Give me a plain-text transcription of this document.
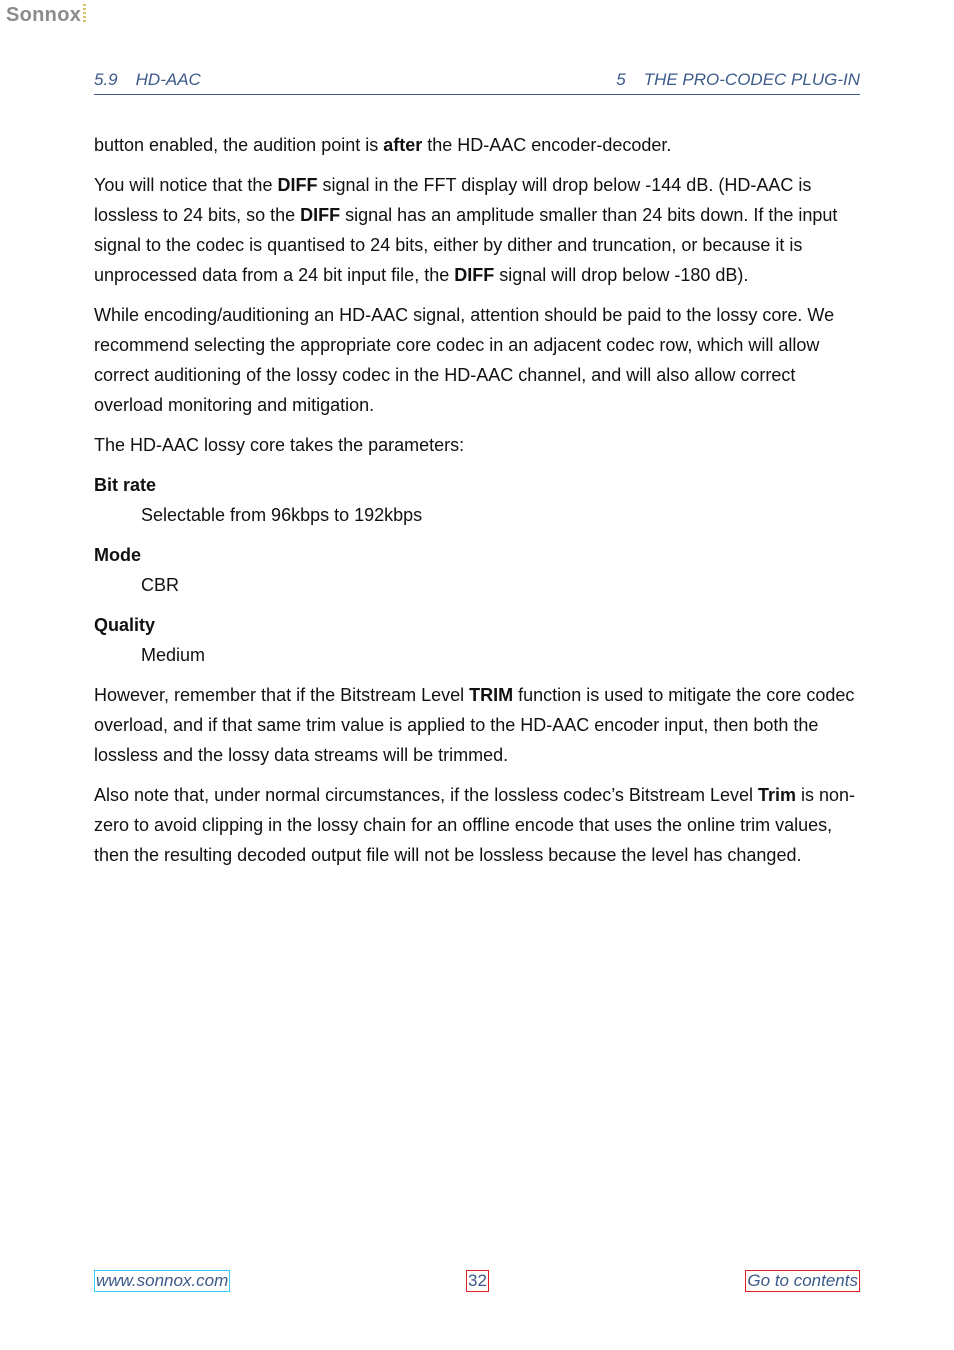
Sonnox
5.9 HD-AAC	5 THE PRO-CODEC PLUG-IN

button enabled, the audition point is after the HD-AAC encoder-decoder.

You will notice that the DIFF signal in the FFT display will drop below -144 dB. (HD-AAC is lossless to 24 bits, so the DIFF signal has an amplitude smaller than 24 bits down. If the input signal to the codec is quantised to 24 bits, either by dither and truncation, or because it is unprocessed data from a 24 bit input file, the DIFF signal will drop below -180 dB).

While encoding/auditioning an HD-AAC signal, attention should be paid to the lossy core. We recommend selecting the appropriate core codec in an adjacent codec row, which will allow correct auditioning of the lossy codec in the HD-AAC channel, and will also allow correct overload monitoring and mitigation.

The HD-AAC lossy core takes the parameters:

Bit rate
Selectable from 96kbps to 192kbps
Mode
CBR
Quality
Medium

However, remember that if the Bitstream Level TRIM function is used to mitigate the core codec overload, and if that same trim value is applied to the HD-AAC encoder input, then both the lossless and the lossy data streams will be trimmed.

Also note that, under normal circumstances, if the lossless codec’s Bitstream Level Trim is non-zero to avoid clipping in the lossy chain for an offline encode that uses the online trim values, then the resulting decoded output file will not be lossless because the level has changed.

www.sonnox.com	32	Go to contents
